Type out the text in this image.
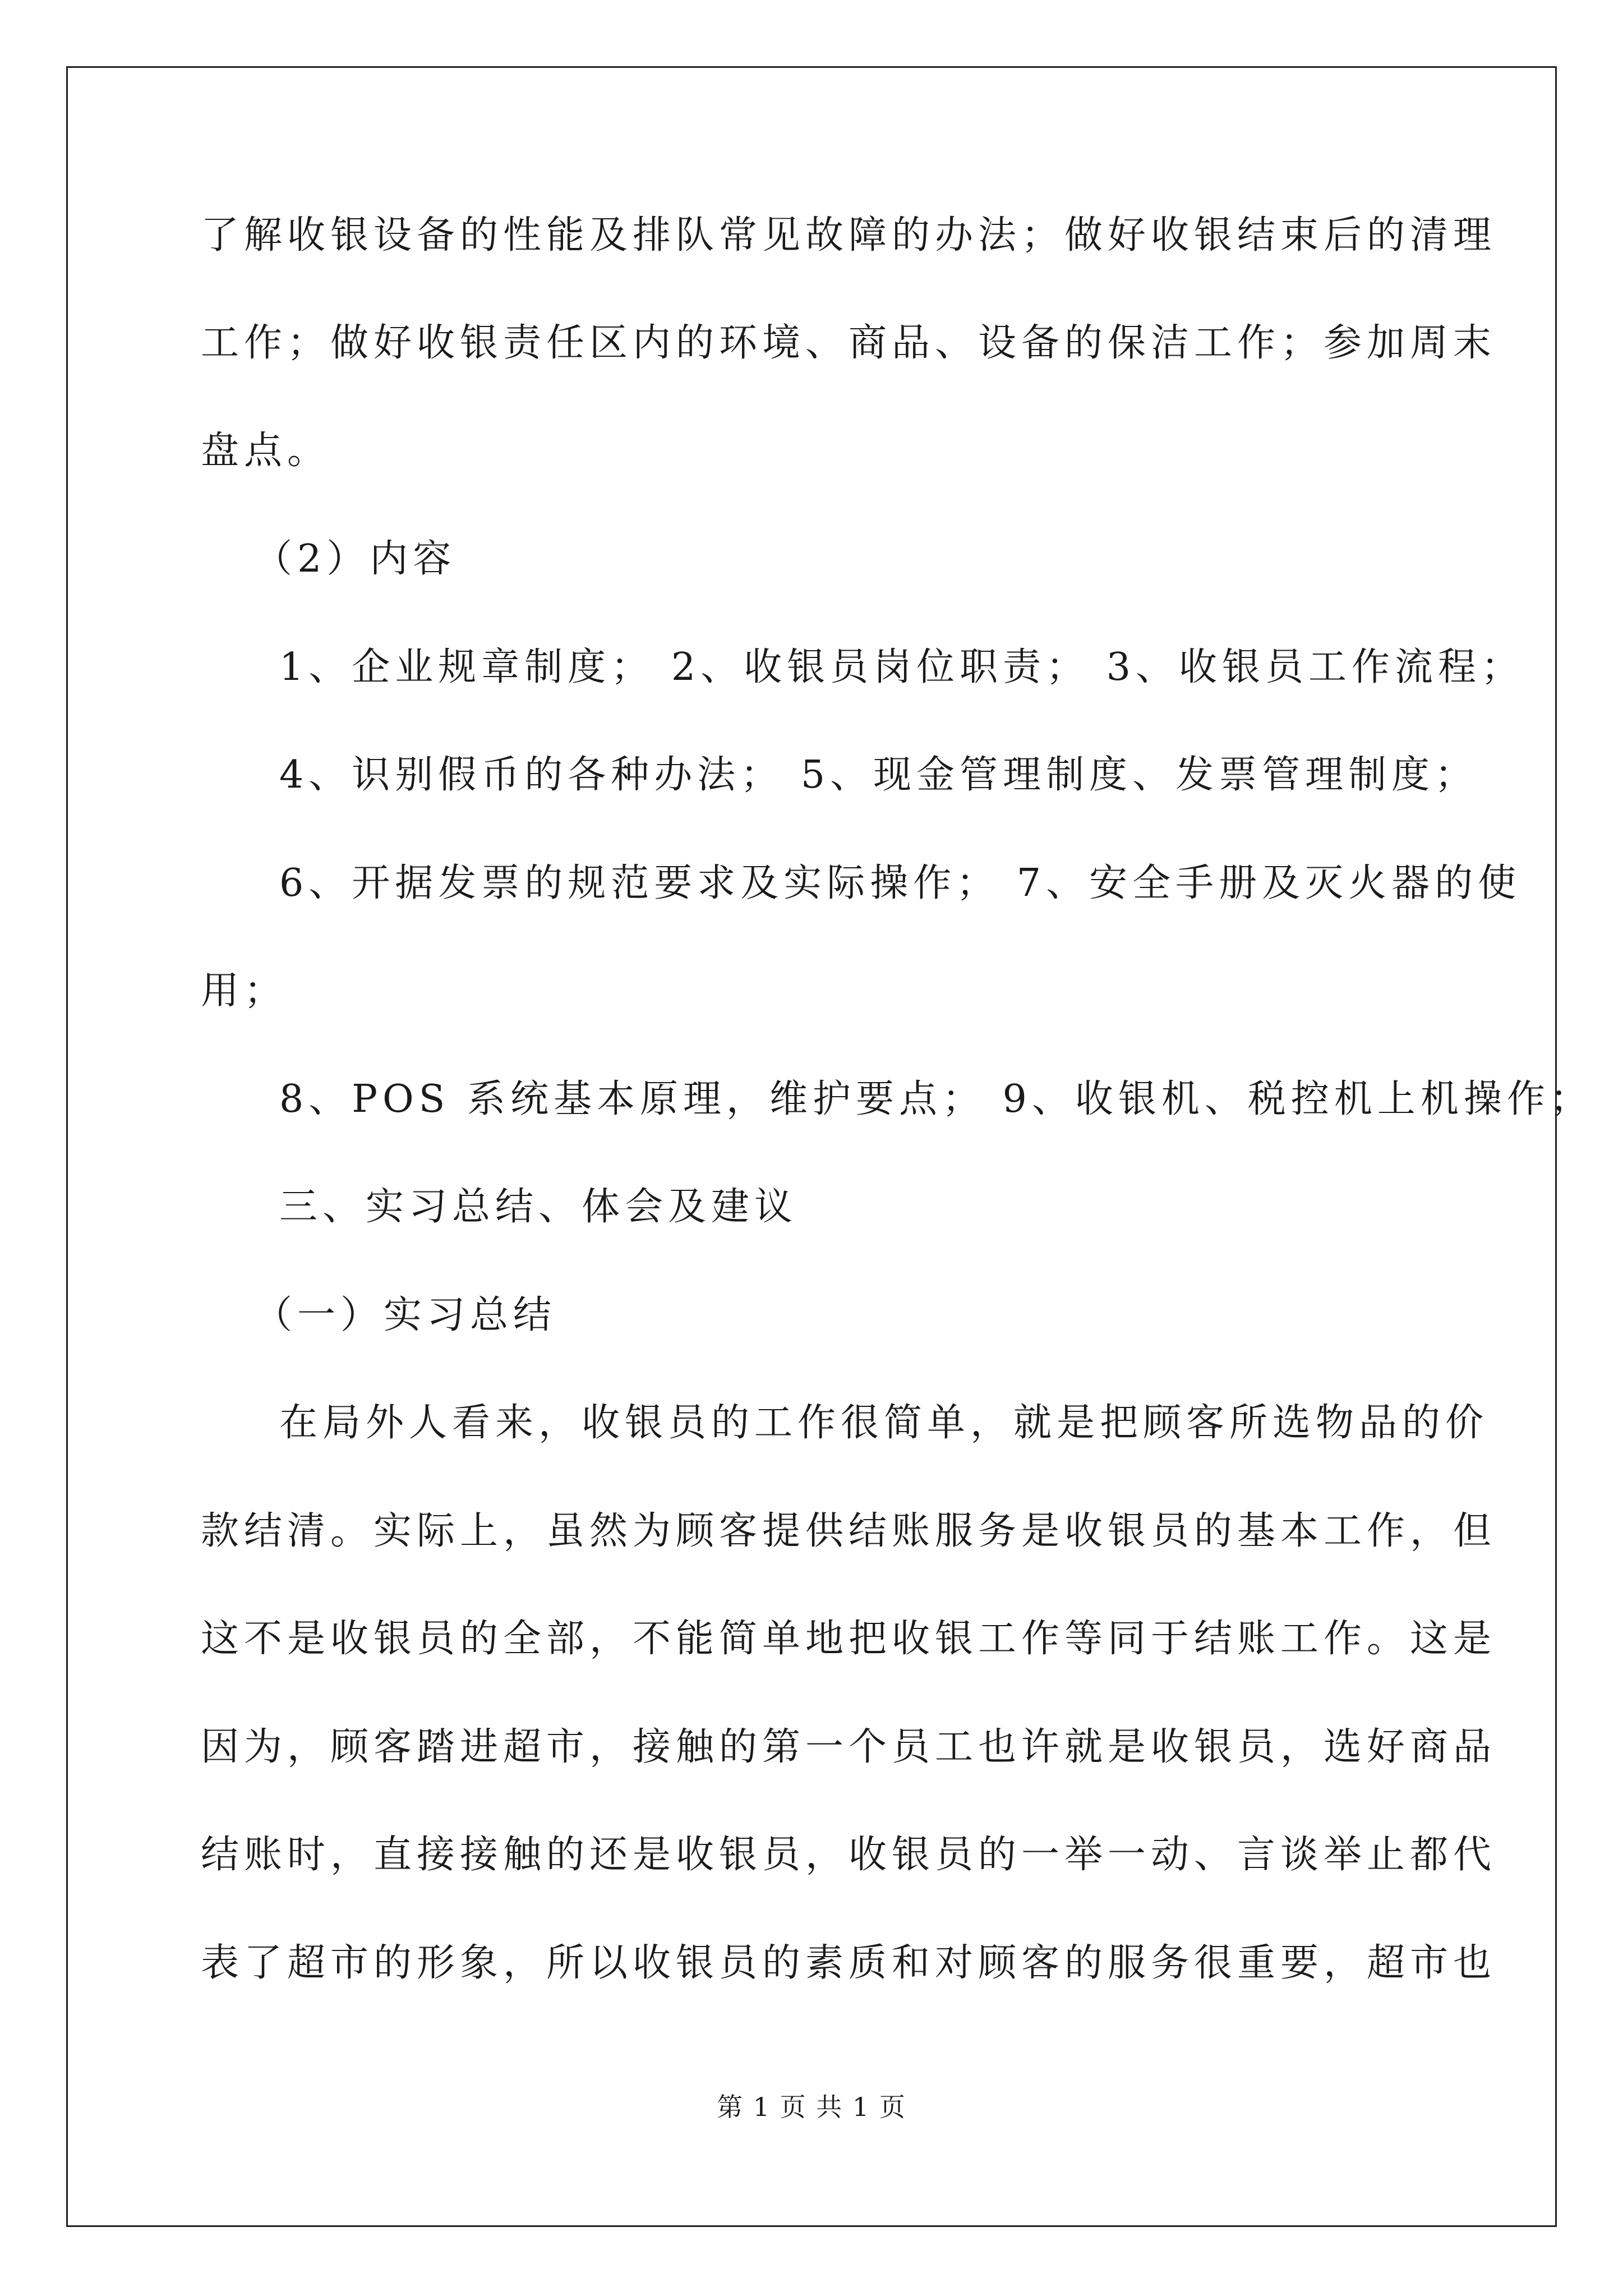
了解收银设备的性能及排队常见故障的办法；做好收银结束后的清理
工作；做好收银责任区内的环境、商品、设备的保洁工作；参加周末
盘点。
（2）内容
1、企业规章制度； 2、收银员岗位职责； 3、收银员工作流程；
4、识别假币的各种办法； 5、现金管理制度、发票管理制度；
6、开据发票的规范要求及实际操作； 7、安全手册及灭火器的使
用；
8、POS 系统基本原理，维护要点； 9、收银机、税控机上机操作；
三、实习总结、体会及建议
（一）实习总结
在局外人看来，收银员的工作很简单，就是把顾客所选物品的价
款结清。实际上，虽然为顾客提供结账服务是收银员的基本工作，但
这不是收银员的全部，不能简单地把收银工作等同于结账工作。这是
因为，顾客踏进超市，接触的第一个员工也许就是收银员，选好商品
结账时，直接接触的还是收银员，收银员的一举一动、言谈举止都代
表了超市的形象，所以收银员的素质和对顾客的服务很重要，超市也
第 1 页 共 1 页
